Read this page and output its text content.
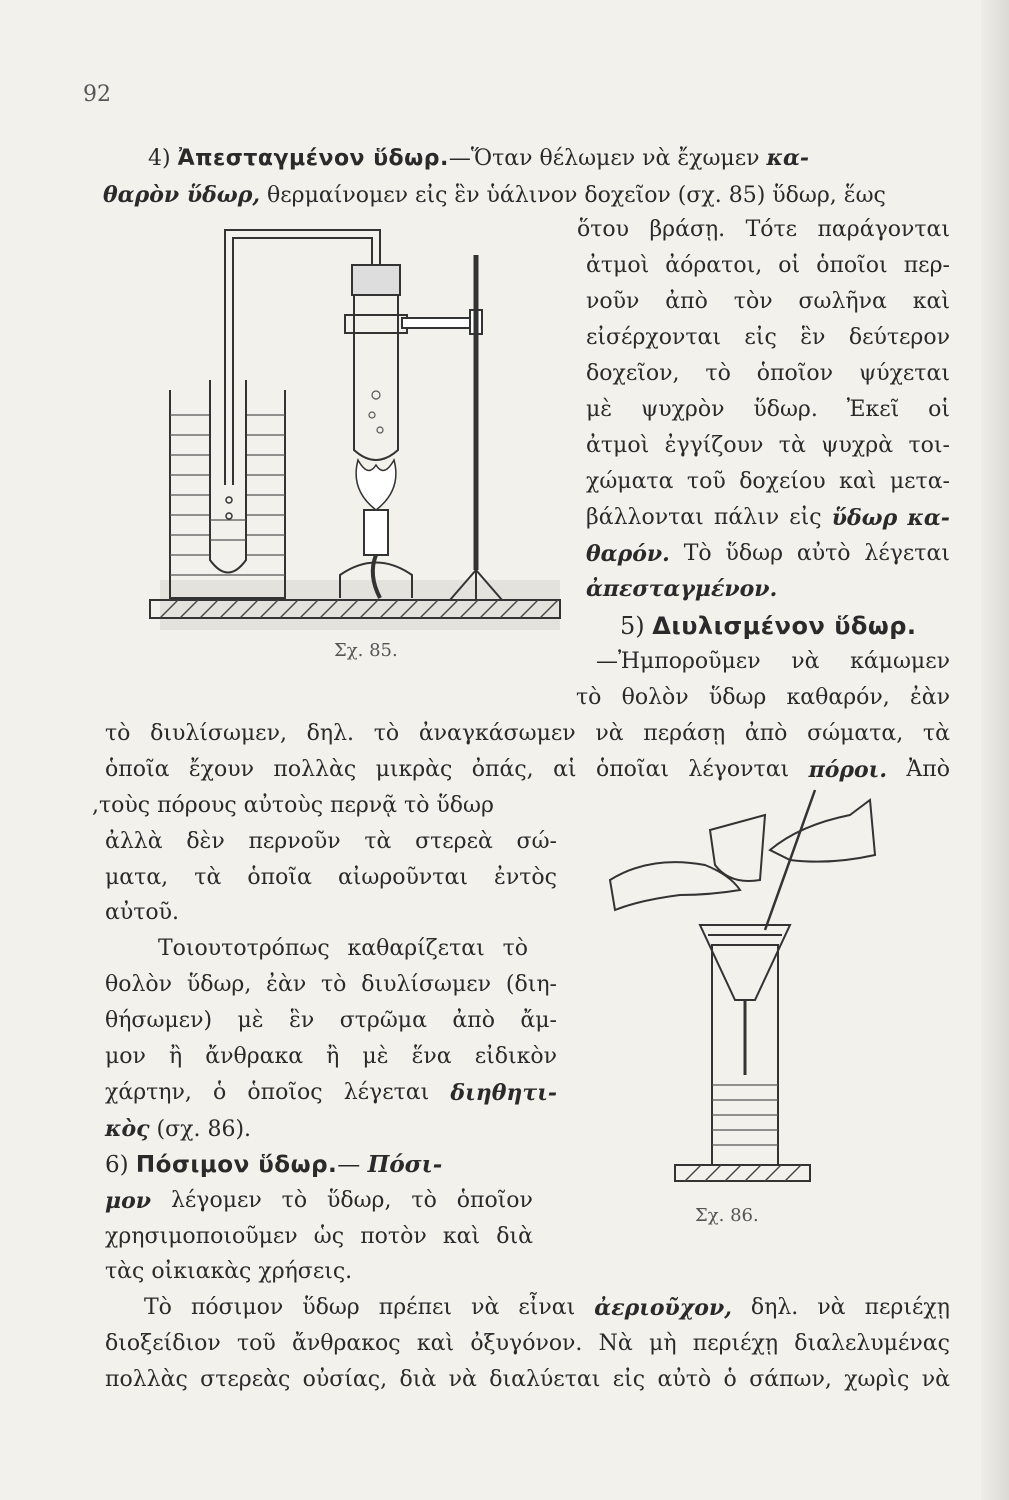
92
4) Ἀπεσταγμένον ὕδωρ.—Ὅταν θέλωμεν νὰ ἔχωμεν κα-
θαρὸν ὕδωρ, θερμαίνομεν εἰς ἓν ὑάλινον δοχεῖον (σχ. 85) ὕδωρ, ἕως
ὅτου βράσῃ. Τότε παράγονται
ἀτμοὶ ἀόρατοι, οἱ ὁποῖοι περ-
νοῦν ἀπὸ τὸν σωλῆνα καὶ
εἰσέρχονται εἰς ἓν δεύτερον
δοχεῖον, τὸ ὁποῖον ψύχεται
μὲ ψυχρὸν ὕδωρ. Ἐκεῖ οἱ
ἀτμοὶ ἐγγίζουν τὰ ψυχρὰ τοι-
χώματα τοῦ δοχείου καὶ μετα-
βάλλονται πάλιν εἰς ὕδωρ κα-
θαρόν. Τὸ ὕδωρ αὐτὸ λέγεται
ἀπεσταγμένον.
5) Διυλισμένον ὕδωρ.
—Ἠμποροῦμεν νὰ κάμωμεν
τὸ θολὸν ὕδωρ καθαρόν, ἐὰν
τὸ διυλίσωμεν, δηλ. τὸ ἀναγκάσωμεν νὰ περάσῃ ἀπὸ σώματα, τὰ
ὁποῖα ἔχουν πολλὰς μικρὰς ὀπάς, αἱ ὁποῖαι λέγονται πόροι. Ἀπὸ
,τοὺς πόρους αὐτοὺς περνᾷ τὸ ὕδωρ
ἀλλὰ δὲν περνοῦν τὰ στερεὰ σώ-
ματα, τὰ ὁποῖα αἰωροῦνται ἐντὸς
αὐτοῦ.
Τοιουτοτρόπως καθαρίζεται τὸ
θολὸν ὕδωρ, ἐὰν τὸ διυλίσωμεν (διη-
θήσωμεν) μὲ ἓν στρῶμα ἀπὸ ἄμ-
μον ἢ ἄνθρακα ἢ μὲ ἕνα εἰδικὸν
χάρτην, ὁ ὁποῖος λέγεται διηθητι-
κὸς (σχ. 86).
6) Πόσιμον ὕδωρ.— Πόσι-
μον λέγομεν τὸ ὕδωρ, τὸ ὁποῖον
χρησιμοποιοῦμεν ὡς ποτὸν καὶ διὰ
τὰς οἰκιακὰς χρήσεις.
Τὸ πόσιμον ὕδωρ πρέπει νὰ εἶναι ἀεριοῦχον, δηλ. νὰ περιέχῃ
διοξείδιον τοῦ ἄνθρακος καὶ ὀξυγόνον. Νὰ μὴ περιέχῃ διαλελυμένας
πολλὰς στερεὰς οὐσίας, διὰ νὰ διαλύεται εἰς αὐτὸ ὁ σάπων, χωρὶς νὰ
Σχ. 85.
Σχ. 86.
